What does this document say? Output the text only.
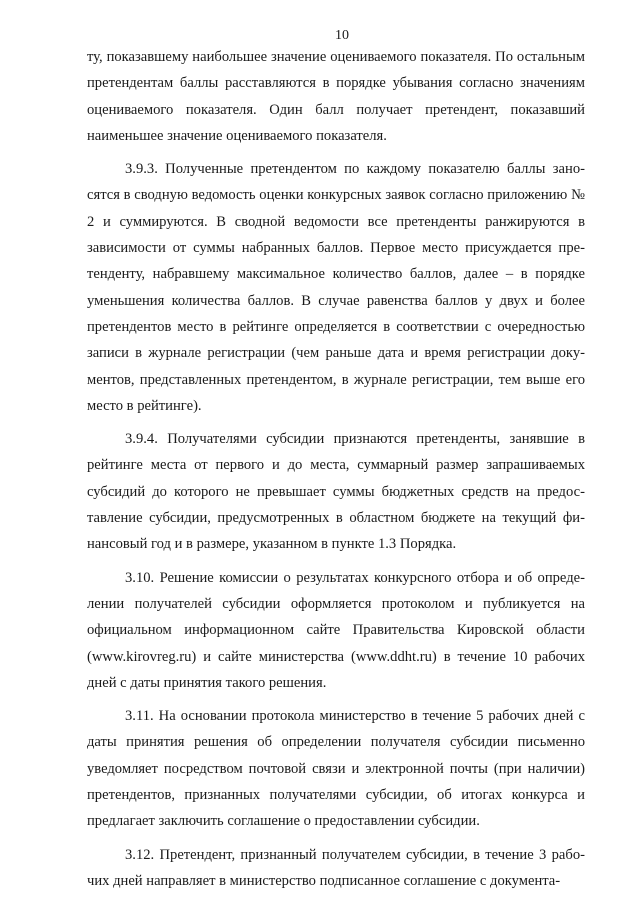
10

ту, показавшему наибольшее значение оцениваемого показателя. По остальным претендентам баллы расставляются в порядке убывания согласно значениям оцениваемого показателя. Один балл получает претендент, показавший наименьшее значение оцениваемого показателя.

3.9.3. Полученные претендентом по каждому показателю баллы заносятся в сводную ведомость оценки конкурсных заявок согласно приложению № 2 и суммируются. В сводной ведомости все претенденты ранжируются в зависимости от суммы набранных баллов. Первое место присуждается претенденту, набравшему максимальное количество баллов, далее – в порядке уменьшения количества баллов. В случае равенства баллов у двух и более претендентов место в рейтинге определяется в соответствии с очередностью записи в журнале регистрации (чем раньше дата и время регистрации документов, представленных претендентом, в журнале регистрации, тем выше его место в рейтинге).

3.9.4. Получателями субсидии признаются претенденты, занявшие в рейтинге места от первого и до места, суммарный размер запрашиваемых субсидий до которого не превышает суммы бюджетных средств на предоставление субсидии, предусмотренных в областном бюджете на текущий финансовый год и в размере, указанном в пункте 1.3 Порядка.

3.10. Решение комиссии о результатах конкурсного отбора и об определении получателей субсидии оформляется протоколом и публикуется на официальном информационном сайте Правительства Кировской области (www.kirovreg.ru) и сайте министерства (www.ddht.ru) в течение 10 рабочих дней с даты принятия такого решения.

3.11. На основании протокола министерство в течение 5 рабочих дней с даты принятия решения об определении получателя субсидии письменно уведомляет посредством почтовой связи и электронной почты (при наличии) претендентов, признанных получателями субсидии, об итогах конкурса и предлагает заключить соглашение о предоставлении субсидии.

3.12. Претендент, признанный получателем субсидии, в течение 3 рабочих дней направляет в министерство подписанное соглашение с документа-
